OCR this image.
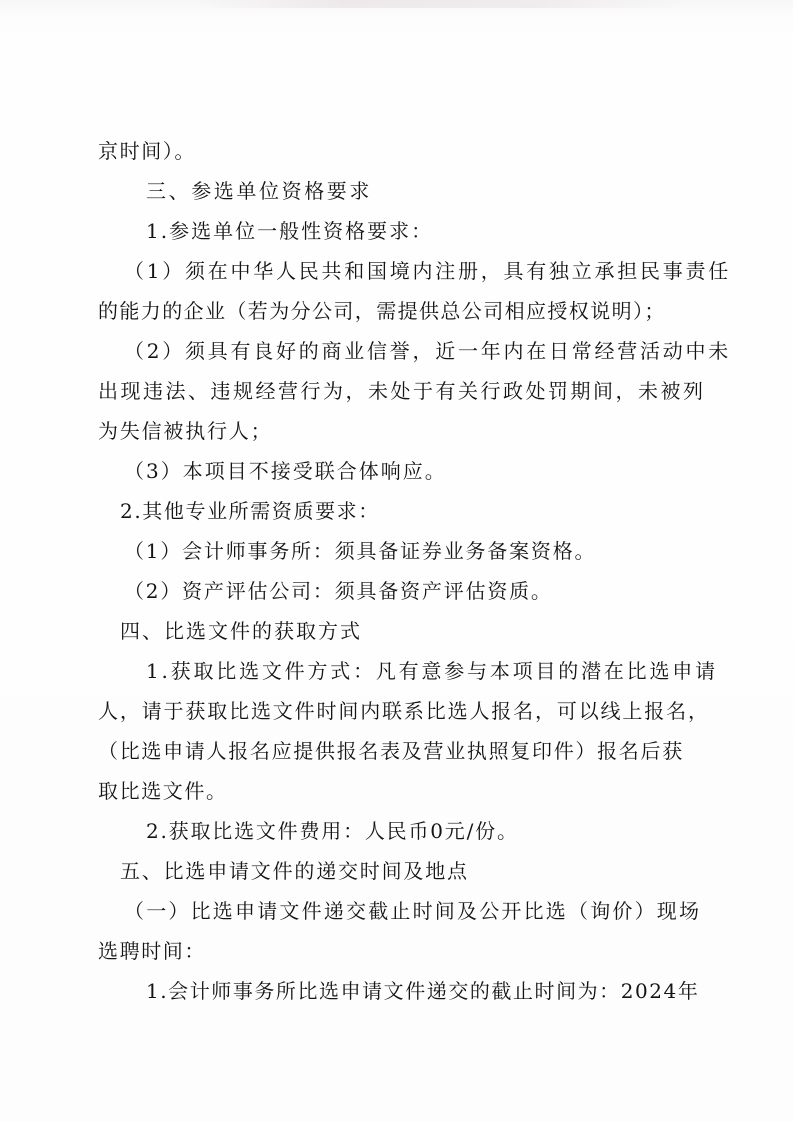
京时间）。

三、参选单位资格要求

1.参选单位一般性资格要求：

（1）须在中华人民共和国境内注册，具有独立承担民事责任

的能力的企业（若为分公司，需提供总公司相应授权说明）；

（2）须具有良好的商业信誉，近一年内在日常经营活动中未

出现违法、违规经营行为，未处于有关行政处罚期间，未被列

为失信被执行人；

（3）本项目不接受联合体响应。

2.其他专业所需资质要求：

（1）会计师事务所：须具备证券业务备案资格。

（2）资产评估公司：须具备资产评估资质。

四、比选文件的获取方式

1.获取比选文件方式：凡有意参与本项目的潜在比选申请

人，请于获取比选文件时间内联系比选人报名，可以线上报名，

（比选申请人报名应提供报名表及营业执照复印件）报名后获

取比选文件。

2.获取比选文件费用：人民币0元/份。

五、比选申请文件的递交时间及地点

（一）比选申请文件递交截止时间及公开比选（询价）现场

选聘时间：

1.会计师事务所比选申请文件递交的截止时间为：2024年
